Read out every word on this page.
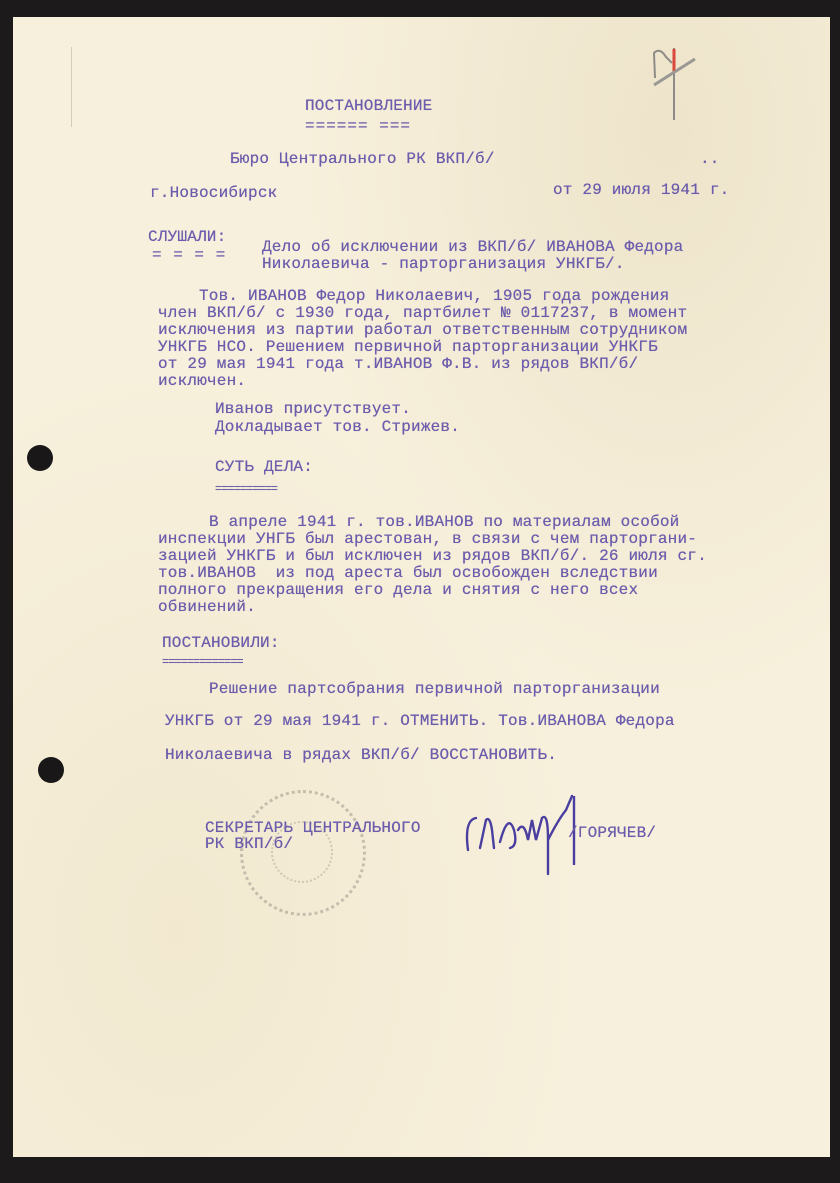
ПОСТАНОВЛЕНИЕ
====== ===
Бюро Центрального РК ВКП/б/	..
г.Новосибирск	от 29 июля 1941 г.
СЛУШАЛИ:
= = = = Дело об исключении из ВКП/б/ ИВАНОВА Федора
Николаевича - парторганизация УНКГБ/.
Тов. ИВАНОВ Федор Николаевич, 1905 года рождения
член ВКП/б/ с 1930 года, партбилет № 0117237, в момент
исключения из партии работал ответственным сотрудником
УНКГБ НСО. Решением первичной парторганизации УНКГБ
от 29 мая 1941 года т.ИВАНОВ Ф.В. из рядов ВКП/б/
исключен.
Иванов присутствует.
Докладывает тов. Стрижев.
СУТЬ ДЕЛА:
==========
В апреле 1941 г. тов.ИВАНОВ по материалам особой
инспекции УНГБ был арестован, в связи с чем парторгани-
зацией УНКГБ и был исключен из рядов ВКП/б/. 26 июля сг.
тов.ИВАНОВ  из под ареста был освобожден вследствии
полного прекращения его дела и снятия с него всех
обвинений.
ПОСТАНОВИЛИ:
=============
Решение партсобрания первичной парторганизации
УНКГБ от 29 мая 1941 г. ОТМЕНИТЬ. Тов.ИВАНОВА Федора
Николаевича в рядах ВКП/б/ ВОССТАНОВИТЬ.
СЕКРЕТАРЬ ЦЕНТРАЛЬНОГО
РК ВКП/б/
/ГОРЯЧЕВ/
